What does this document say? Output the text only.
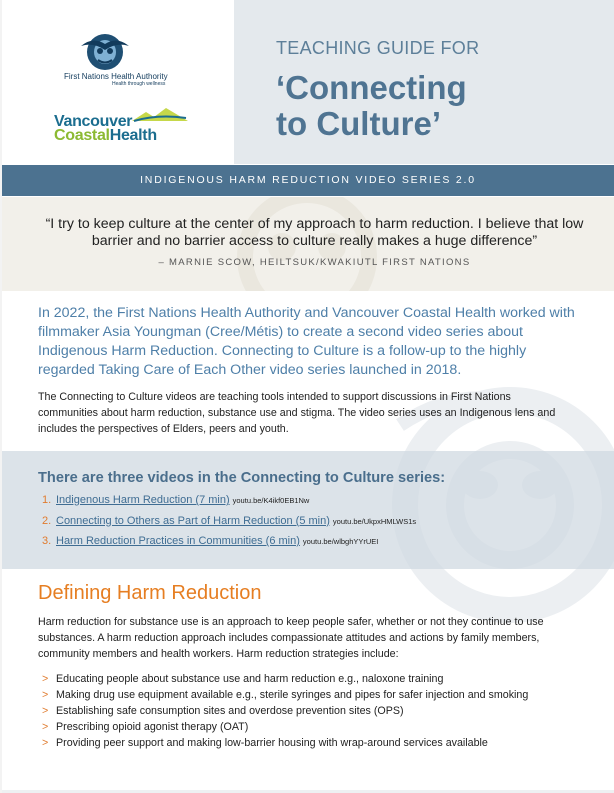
First Nations Health Authority
Health through wellness
Vancouver
CoastalHealth
TEACHING GUIDE FOR
‘Connecting
to Culture’
INDIGENOUS HARM REDUCTION VIDEO SERIES 2.0
“I try to keep culture at the center of my approach to harm reduction. I believe that low barrier and no barrier access to culture really makes a huge difference”
– MARNIE SCOW, HEILTSUK/KWAKIUTL FIRST NATIONS

In 2022, the First Nations Health Authority and Vancouver Coastal Health worked with filmmaker Asia Youngman (Cree/Métis) to create a second video series about Indigenous Harm Reduction. Connecting to Culture is a follow-up to the highly regarded Taking Care of Each Other video series launched in 2018.

The Connecting to Culture videos are teaching tools intended to support discussions in First Nations communities about harm reduction, substance use and stigma. The video series uses an Indigenous lens and includes the perspectives of Elders, peers and youth.

There are three videos in the Connecting to Culture series:
1. Indigenous Harm Reduction (7 min) youtu.be/K4ikf0EB1Nw
2. Connecting to Others as Part of Harm Reduction (5 min) youtu.be/UkpxHMLWS1s
3. Harm Reduction Practices in Communities (6 min) youtu.be/wlbghYYrUEI
Defining Harm Reduction

Harm reduction for substance use is an approach to keep people safer, whether or not they continue to use substances. A harm reduction approach includes compassionate attitudes and actions by family members, community members and health workers. Harm reduction strategies include:

> Educating people about substance use and harm reduction e.g., naloxone training
> Making drug use equipment available e.g., sterile syringes and pipes for safer injection and smoking
> Establishing safe consumption sites and overdose prevention sites (OPS)
> Prescribing opioid agonist therapy (OAT)
> Providing peer support and making low-barrier housing with wrap-around services available
